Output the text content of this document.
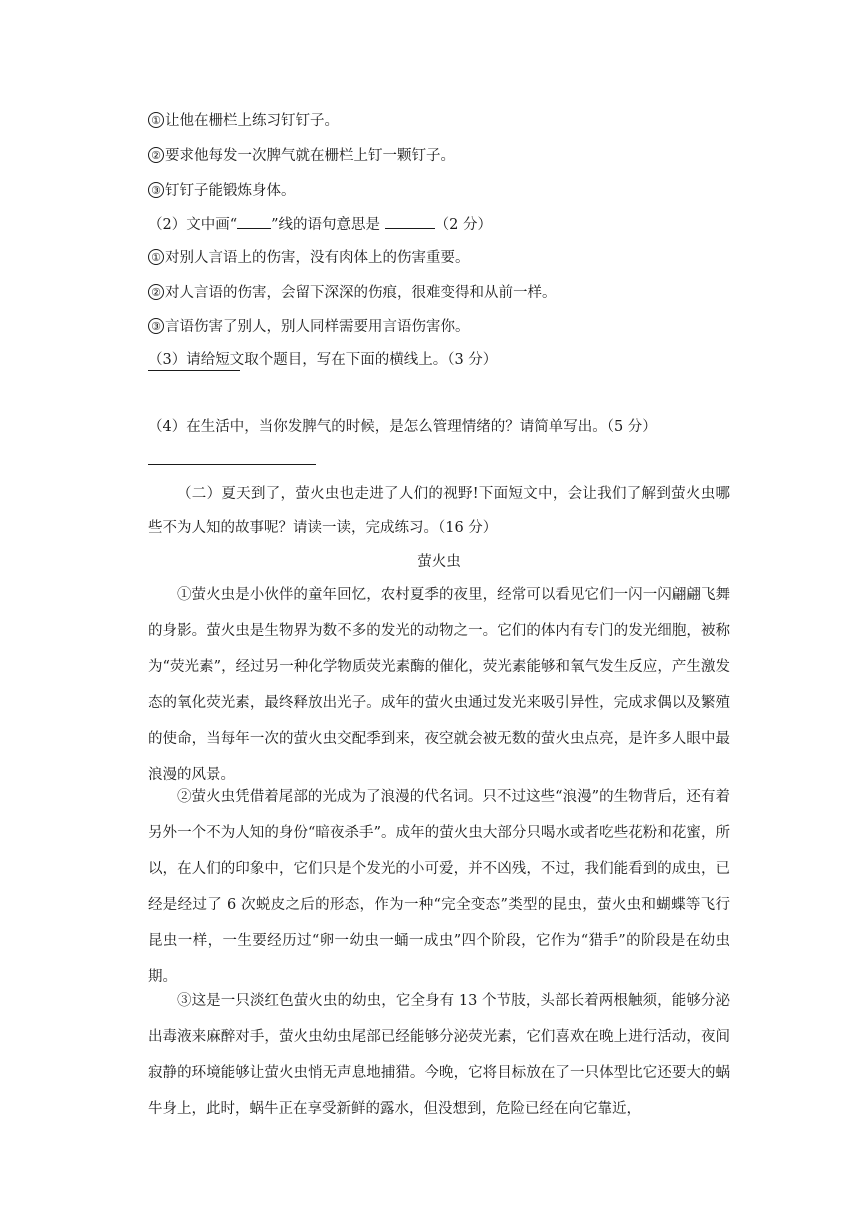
① 让他在栅栏上练习钉钉子。
② 要求他每发一次脾气就在栅栏上钉一颗钉子。
③ 钉钉子能锻炼身体。
（2）文中画“ ”线的语句意思是	（2 分）
① 对别人言语上的伤害，没有肉体上的伤害重要。
② 对人言语的伤害，会留下深深的伤痕，很难变得和从前一样。
③ 言语伤害了别人，别人同样需要用言语伤害你。
（3）请给短文取个题目，写在下面的横线上。（3 分）
（4）在生活中，当你发脾气的时候，是怎么管理情绪的？请简单写出。（5 分）
（二）夏天到了，萤火虫也走进了人们的视野!下面短文中，会让我们了解到萤火虫哪些不为人知的故事呢？请读一读，完成练习。（16 分）
萤火虫
①萤火虫是小伙伴的童年回忆，农村夏季的夜里，经常可以看见它们一闪一闪翩翩飞舞的身影。萤火虫是生物界为数不多的发光的动物之一。它们的体内有专门的发光细胞，被称为“荧光素”，经过另一种化学物质荧光素酶的催化，荧光素能够和氧气发生反应，产生激发态的氧化荧光素，最终释放出光子。成年的萤火虫通过发光来吸引异性，完成求偶以及繁殖的使命，当每年一次的萤火虫交配季到来，夜空就会被无数的萤火虫点亮，是许多人眼中最浪漫的风景。
②萤火虫凭借着尾部的光成为了浪漫的代名词。只不过这些“浪漫”的生物背后，还有着另外一个不为人知的身份“暗夜杀手”。成年的萤火虫大部分只喝水或者吃些花粉和花蜜，所以，在人们的印象中，它们只是个发光的小可爱，并不凶残，不过，我们能看到的成虫，已经是经过了 6 次蜕皮之后的形态，作为一种“完全变态”类型的昆虫，萤火虫和蝴蝶等飞行昆虫一样，一生要经历过“卵一幼虫一蛹一成虫”四个阶段，它作为“猎手”的阶段是在幼虫期。
③这是一只淡红色萤火虫的幼虫，它全身有 13 个节肢，头部长着两根触须，能够分泌出毒液来麻醉对手，萤火虫幼虫尾部已经能够分泌荧光素，它们喜欢在晚上进行活动，夜间寂静的环境能够让萤火虫悄无声息地捕猎。今晚，它将目标放在了一只体型比它还要大的蜗牛身上，此时，蜗牛正在享受新鲜的露水，但没想到，危险已经在向它靠近，
